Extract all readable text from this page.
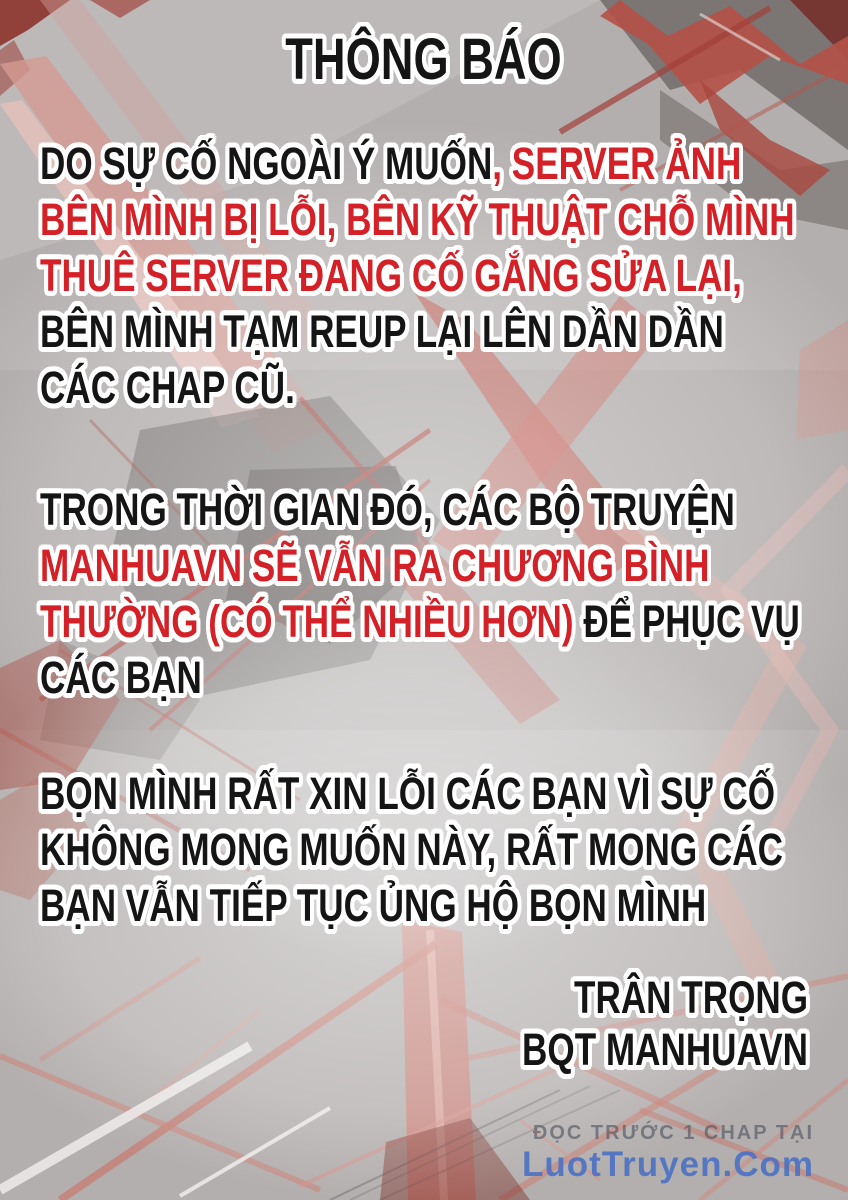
THÔNG BÁO

DO SỰ CỐ NGOÀI Ý MUỐN, SERVER ẢNH BÊN MÌNH BỊ LỖI, BÊN KỸ THUẬT CHỖ MÌNH THUÊ SERVER ĐANG CỐ GẮNG SỬA LẠI, BÊN MÌNH TẠM REUP LẠI LÊN DẦN DẦN CÁC CHAP CŨ.

TRONG THỜI GIAN ĐÓ, CÁC BỘ TRUYỆN MANHUAVN SẼ VẪN RA CHƯƠNG BÌNH THƯỜNG (CÓ THỂ NHIỀU HƠN) ĐỂ PHỤC VỤ CÁC BẠN

BỌN MÌNH RẤT XIN LỖI CÁC BẠN VÌ SỰ CỐ KHÔNG MONG MUỐN NÀY, RẤT MONG CÁC BẠN VẪN TIẾP TỤC ỦNG HỘ BỌN MÌNH

TRÂN TRỌNG
BQT MANHUAVN
ĐỌC TRƯỚC 1 CHAP TẠI
LuotTruyen.Com
